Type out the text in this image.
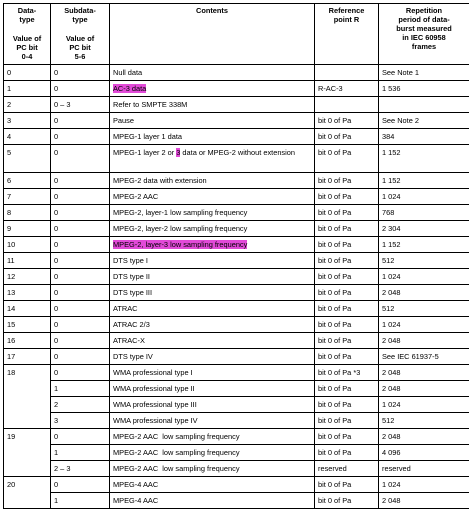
Data-
type
Value of
PC bit
0-4	Subdata-
type
Value of
PC bit
5-6	Contents	Reference
point R	Repetition
period of data-
burst measured
in IEC 60958
frames

0	0	Null data		See Note 1
1	0	AC-3 data	R-AC-3	1 536
2	0 – 3	Refer to SMPTE 338M		
3	0	Pause	bit 0 of Pa	See Note 2
4	0	MPEG-1 layer 1 data	bit 0 of Pa	384
5	0	MPEG-1 layer 2 or 3 data or MPEG-2 without extension	bit 0 of Pa	1 152
6	0	MPEG-2 data with extension	bit 0 of Pa	1 152
7	0	MPEG-2 AAC	bit 0 of Pa	1 024
8	0	MPEG-2, layer-1 low sampling frequency	bit 0 of Pa	768
9	0	MPEG-2, layer-2 low sampling frequency	bit 0 of Pa	2 304
10	0	MPEG-2, layer-3 low sampling frequency	bit 0 of Pa	1 152
11	0	DTS type I	bit 0 of Pa	512
12	0	DTS type II	bit 0 of Pa	1 024
13	0	DTS type III	bit 0 of Pa	2 048
14	0	ATRAC	bit 0 of Pa	512
15	0	ATRAC 2/3	bit 0 of Pa	1 024
16	0	ATRAC-X	bit 0 of Pa	2 048
17	0	DTS type IV	bit 0 of Pa	See IEC 61937-5
18	0	WMA professional type I	bit 0 of Pa *3	2 048
	1	WMA professional type II	bit 0 of Pa	2 048
	2	WMA professional type III	bit 0 of Pa	1 024
	3	WMA professional type IV	bit 0 of Pa	512
19	0	MPEG-2 AAC  low sampling frequency	bit 0 of Pa	2 048
	1	MPEG-2 AAC  low sampling frequency	bit 0 of Pa	4 096
	2 – 3	MPEG-2 AAC  low sampling frequency	reserved	reserved
20	0	MPEG-4 AAC	bit 0 of Pa	1 024
	1	MPEG-4 AAC	bit 0 of Pa	2 048
